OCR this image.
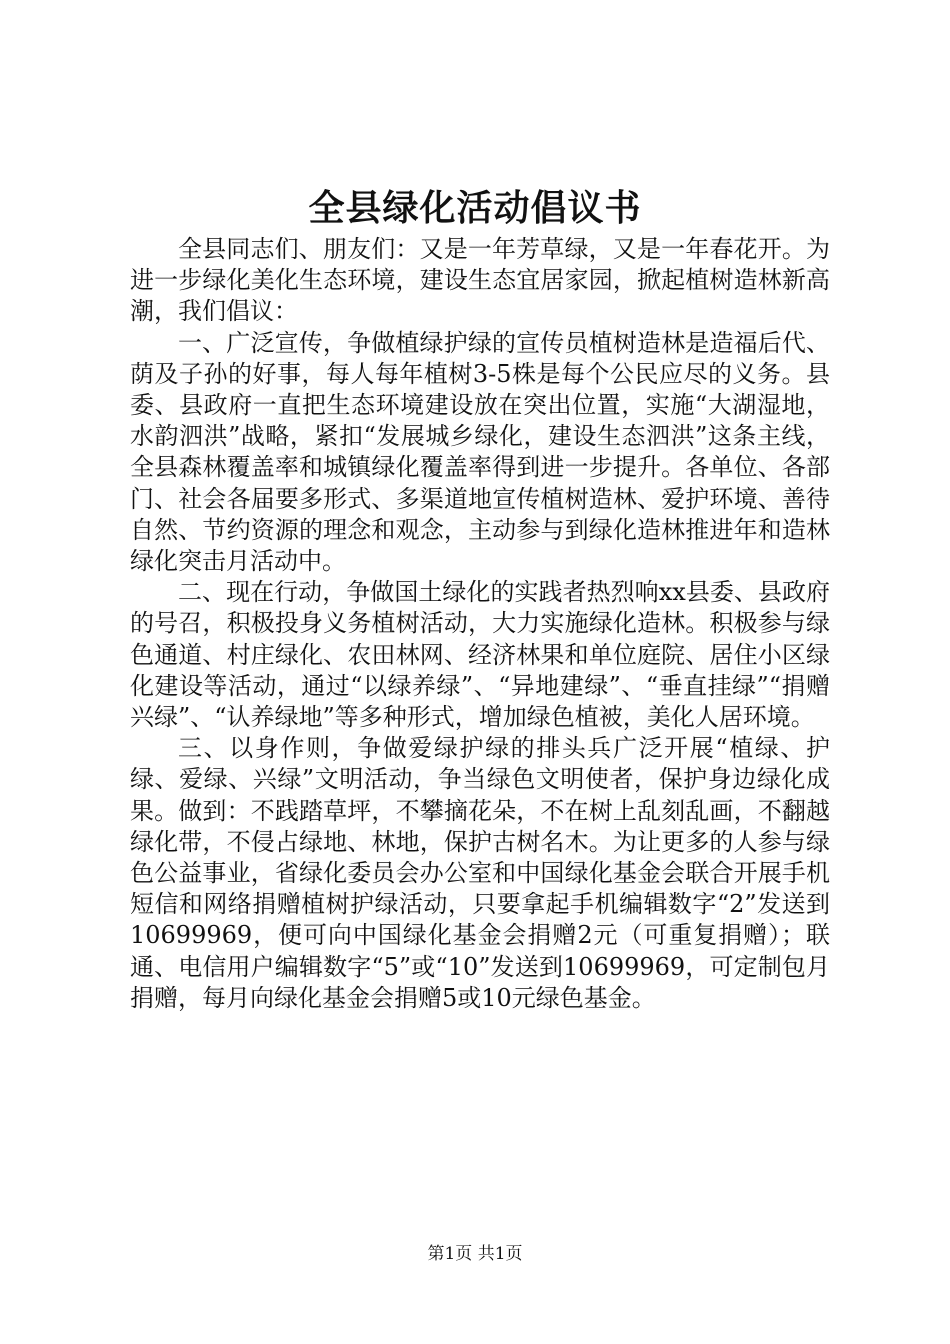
全县绿化活动倡议书

全县同志们、朋友们：又是一年芳草绿，又是一年春花开。为进一步绿化美化生态环境，建设生态宜居家园，掀起植树造林新高潮，我们倡议：

一、广泛宣传，争做植绿护绿的宣传员植树造林是造福后代、荫及子孙的好事，每人每年植树3-5株是每个公民应尽的义务。县委、县政府一直把生态环境建设放在突出位置，实施“大湖湿地，水韵泗洪”战略，紧扣“发展城乡绿化，建设生态泗洪”这条主线，全县森林覆盖率和城镇绿化覆盖率得到进一步提升。各单位、各部门、社会各届要多形式、多渠道地宣传植树造林、爱护环境、善待自然、节约资源的理念和观念，主动参与到绿化造林推进年和造林绿化突击月活动中。

二、现在行动，争做国土绿化的实践者热烈响xx县委、县政府的号召，积极投身义务植树活动，大力实施绿化造林。积极参与绿色通道、村庄绿化、农田林网、经济林果和单位庭院、居住小区绿化建设等活动，通过“以绿养绿”、“异地建绿”、“垂直挂绿”“捐赠兴绿”、“认养绿地”等多种形式，增加绿色植被，美化人居环境。

三、以身作则，争做爱绿护绿的排头兵广泛开展“植绿、护绿、爱绿、兴绿”文明活动，争当绿色文明使者，保护身边绿化成果。做到：不践踏草坪，不攀摘花朵，不在树上乱刻乱画，不翻越绿化带，不侵占绿地、林地，保护古树名木。为让更多的人参与绿色公益事业，省绿化委员会办公室和中国绿化基金会联合开展手机短信和网络捐赠植树护绿活动，只要拿起手机编辑数字“2”发送到10699969，便可向中国绿化基金会捐赠2元（可重复捐赠）；联通、电信用户编辑数字“5”或“10”发送到10699969，可定制包月捐赠，每月向绿化基金会捐赠5或10元绿色基金。

第1页 共1页
